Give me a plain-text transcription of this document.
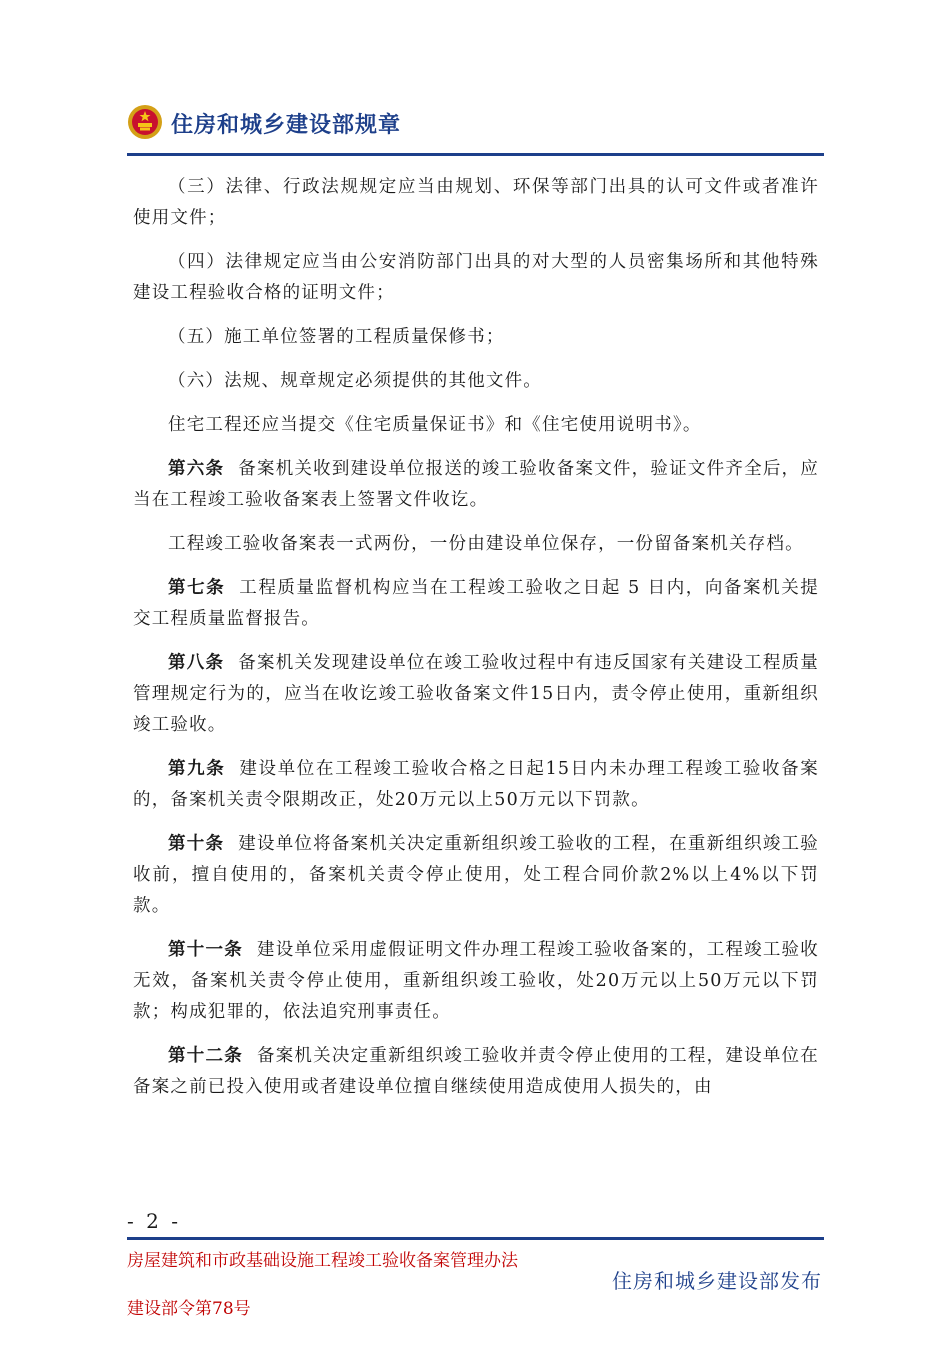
住房和城乡建设部规章

（三）法律、行政法规规定应当由规划、环保等部门出具的认可文件或者准许使用文件；

（四）法律规定应当由公安消防部门出具的对大型的人员密集场所和其他特殊建设工程验收合格的证明文件；

（五）施工单位签署的工程质量保修书；

（六）法规、规章规定必须提供的其他文件。

住宅工程还应当提交《住宅质量保证书》和《住宅使用说明书》。

第六条 备案机关收到建设单位报送的竣工验收备案文件，验证文件齐全后，应当在工程竣工验收备案表上签署文件收讫。

工程竣工验收备案表一式两份，一份由建设单位保存，一份留备案机关存档。

第七条 工程质量监督机构应当在工程竣工验收之日起 5 日内，向备案机关提交工程质量监督报告。

第八条 备案机关发现建设单位在竣工验收过程中有违反国家有关建设工程质量管理规定行为的，应当在收讫竣工验收备案文件15日内，责令停止使用，重新组织竣工验收。

第九条 建设单位在工程竣工验收合格之日起15日内未办理工程竣工验收备案的，备案机关责令限期改正，处20万元以上50万元以下罚款。

第十条 建设单位将备案机关决定重新组织竣工验收的工程，在重新组织竣工验收前，擅自使用的，备案机关责令停止使用，处工程合同价款2%以上4%以下罚款。

第十一条 建设单位采用虚假证明文件办理工程竣工验收备案的，工程竣工验收无效，备案机关责令停止使用，重新组织竣工验收，处20万元以上50万元以下罚款；构成犯罪的，依法追究刑事责任。

第十二条 备案机关决定重新组织竣工验收并责令停止使用的工程，建设单位在备案之前已投入使用或者建设单位擅自继续使用造成使用人损失的，由

- 2 -
房屋建筑和市政基础设施工程竣工验收备案管理办法
建设部令第78号
住房和城乡建设部发布
